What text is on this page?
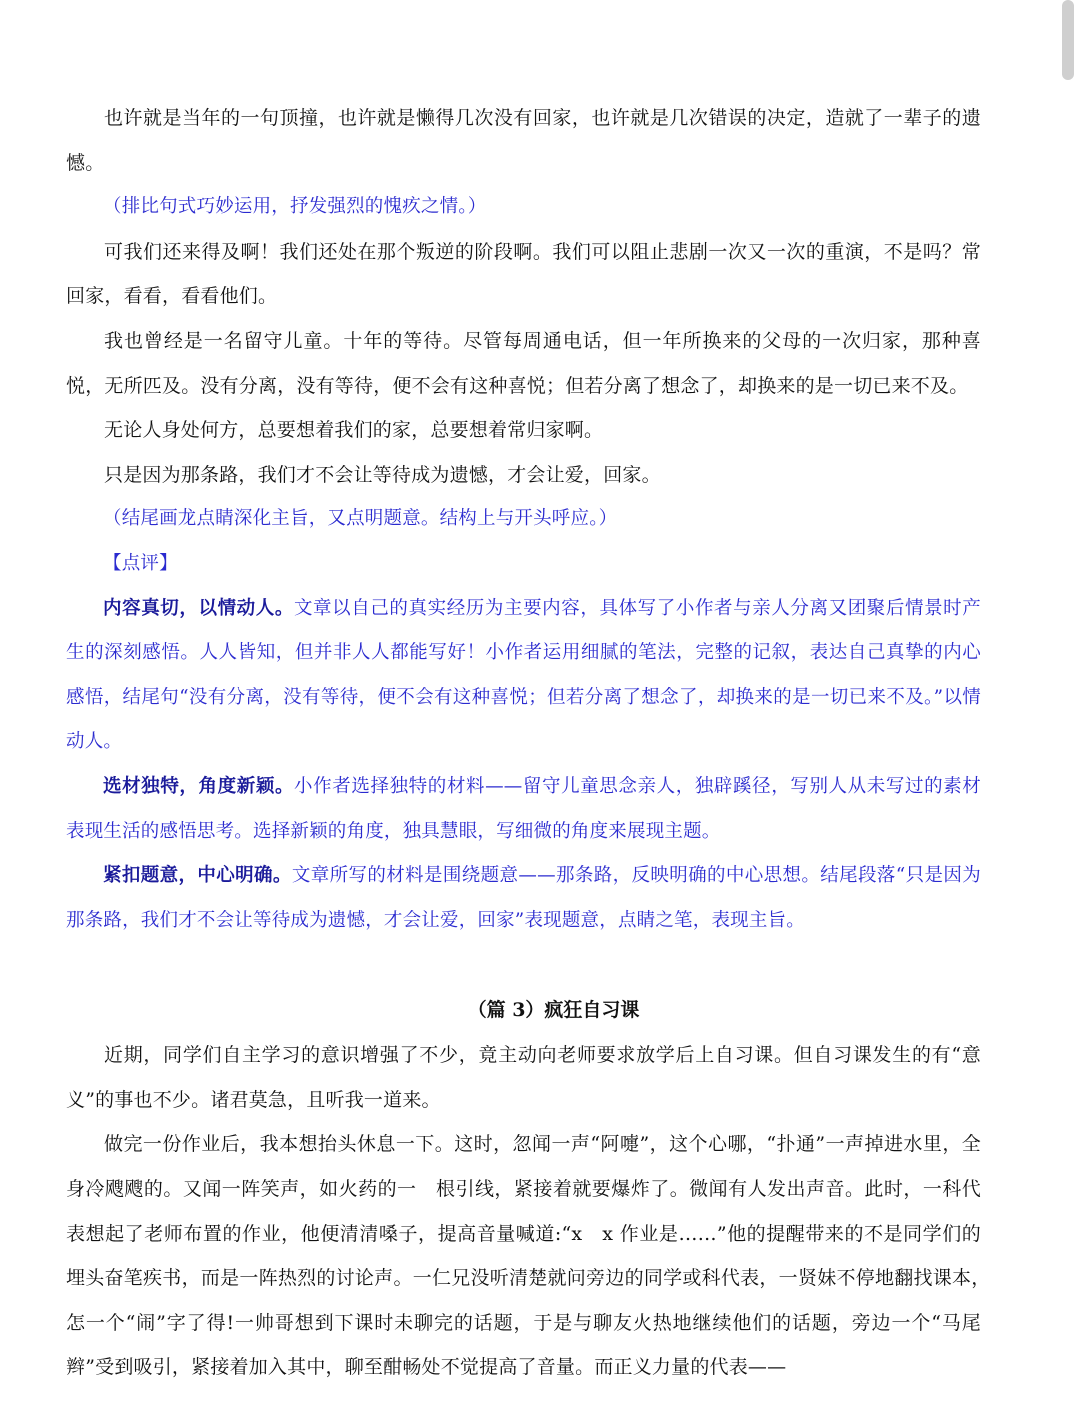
也许就是当年的一句顶撞，也许就是懒得几次没有回家，也许就是几次错误的决定，造就了一辈子的遗憾。

（排比句式巧妙运用，抒发强烈的愧疚之情。）

可我们还来得及啊！我们还处在那个叛逆的阶段啊。我们可以阻止悲剧一次又一次的重演，不是吗？常回家，看看，看看他们。

我也曾经是一名留守儿童。十年的等待。尽管每周通电话，但一年所换来的父母的一次归家，那种喜悦，无所匹及。没有分离，没有等待，便不会有这种喜悦；但若分离了想念了，却换来的是一切已来不及。

无论人身处何方，总要想着我们的家，总要想着常归家啊。

只是因为那条路，我们才不会让等待成为遗憾，才会让爱，回家。

（结尾画龙点睛深化主旨，又点明题意。结构上与开头呼应。）

【点评】

内容真切，以情动人。文章以自己的真实经历为主要内容，具体写了小作者与亲人分离又团聚后情景时产生的深刻感悟。人人皆知，但并非人人都能写好！小作者运用细腻的笔法，完整的记叙，表达自己真挚的内心感悟，结尾句“没有分离，没有等待，便不会有这种喜悦；但若分离了想念了，却换来的是一切已来不及。”以情动人。

选材独特，角度新颖。小作者选择独特的材料——留守儿童思念亲人，独辟蹊径，写别人从未写过的素材表现生活的感悟思考。选择新颖的角度，独具慧眼，写细微的角度来展现主题。

紧扣题意，中心明确。文章所写的材料是围绕题意——那条路，反映明确的中心思想。结尾段落“只是因为那条路，我们才不会让等待成为遗憾，才会让爱，回家”表现题意，点睛之笔，表现主旨。

（篇 3）疯狂自习课

近期，同学们自主学习的意识增强了不少，竟主动向老师要求放学后上自习课。但自习课发生的有“意义”的事也不少。诸君莫急，且听我一道来。

做完一份作业后，我本想抬头休息一下。这时，忽闻一声“阿嚏”，这个心哪，“扑通”一声掉进水里，全身冷飕飕的。又闻一阵笑声，如火药的一　根引线，紧接着就要爆炸了。微闻有人发出声音。此时，一科代表想起了老师布置的作业，他便清清嗓子，提高音量喊道:“x　x 作业是……”他的提醒带来的不是同学们的埋头奋笔疾书，而是一阵热烈的讨论声。一仁兄没听清楚就问旁边的同学或科代表，一贤妹不停地翻找课本，　怎一个“闹”字了得!一帅哥想到下课时未聊完的话题，于是与聊友火热地继续他们的话题，旁边一个“马尾辫”受到吸引，紧接着加入其中，聊至酣畅处不觉提高了音量。而正义力量的代表——
